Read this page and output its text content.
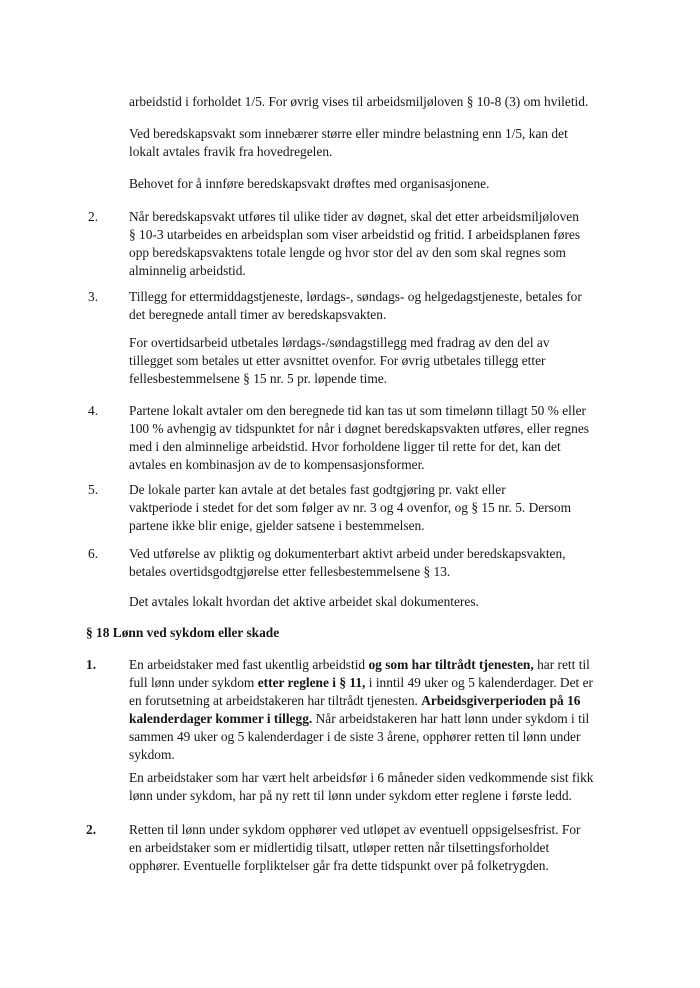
arbeidstid i forholdet 1/5. For øvrig vises til arbeidsmiljøloven § 10-8 (3) om hviletid.

Ved beredskapsvakt som innebærer større eller mindre belastning enn 1/5, kan det
lokalt avtales fravik fra hovedregelen.

Behovet for å innføre beredskapsvakt drøftes med organisasjonene.

2. Når beredskapsvakt utføres til ulike tider av døgnet, skal det etter arbeidsmiljøloven
§ 10-3 utarbeides en arbeidsplan som viser arbeidstid og fritid. I arbeidsplanen føres
opp beredskapsvaktens totale lengde og hvor stor del av den som skal regnes som
alminnelig arbeidstid.

3. Tillegg for ettermiddagstjeneste, lørdags-, søndags- og helgedagstjeneste, betales for
det beregnede antall timer av beredskapsvakten.

For overtidsarbeid utbetales lørdags-/søndagstillegg med fradrag av den del av
tillegget som betales ut etter avsnittet ovenfor. For øvrig utbetales tillegg etter
fellesbestemmelsene § 15 nr. 5 pr. løpende time.

4. Partene lokalt avtaler om den beregnede tid kan tas ut som timelønn tillagt 50 % eller
100 % avhengig av tidspunktet for når i døgnet beredskapsvakten utføres, eller regnes
med i den alminnelige arbeidstid. Hvor forholdene ligger til rette for det, kan det
avtales en kombinasjon av de to kompensasjonsformer.

5. De lokale parter kan avtale at det betales fast godtgjøring pr. vakt eller
vaktperiode i stedet for det som følger av nr. 3 og 4 ovenfor, og § 15 nr. 5. Dersom
partene ikke blir enige, gjelder satsene i bestemmelsen.

6. Ved utførelse av pliktig og dokumenterbart aktivt arbeid under beredskapsvakten,
betales overtidsgodtgjørelse etter fellesbestemmelsene § 13.

Det avtales lokalt hvordan det aktive arbeidet skal dokumenteres.

§ 18 Lønn ved sykdom eller skade
1. En arbeidstaker med fast ukentlig arbeidstid og som har tiltrådt tjenesten, har rett til
full lønn under sykdom etter reglene i § 11, i inntil 49 uker og 5 kalenderdager. Det er
en forutsetning at arbeidstakeren har tiltrådt tjenesten. Arbeidsgiverperioden på 16
kalenderdager kommer i tillegg. Når arbeidstakeren har hatt lønn under sykdom i til
sammen 49 uker og 5 kalenderdager i de siste 3 årene, opphører retten til lønn under
sykdom.

En arbeidstaker som har vært helt arbeidsfør i 6 måneder siden vedkommende sist fikk
lønn under sykdom, har på ny rett til lønn under sykdom etter reglene i første ledd.

2. Retten til lønn under sykdom opphører ved utløpet av eventuell oppsigelsesfrist. For
en arbeidstaker som er midlertidig tilsatt, utløper retten når tilsettingsforholdet
opphører. Eventuelle forpliktelser går fra dette tidspunkt over på folketrygden.
